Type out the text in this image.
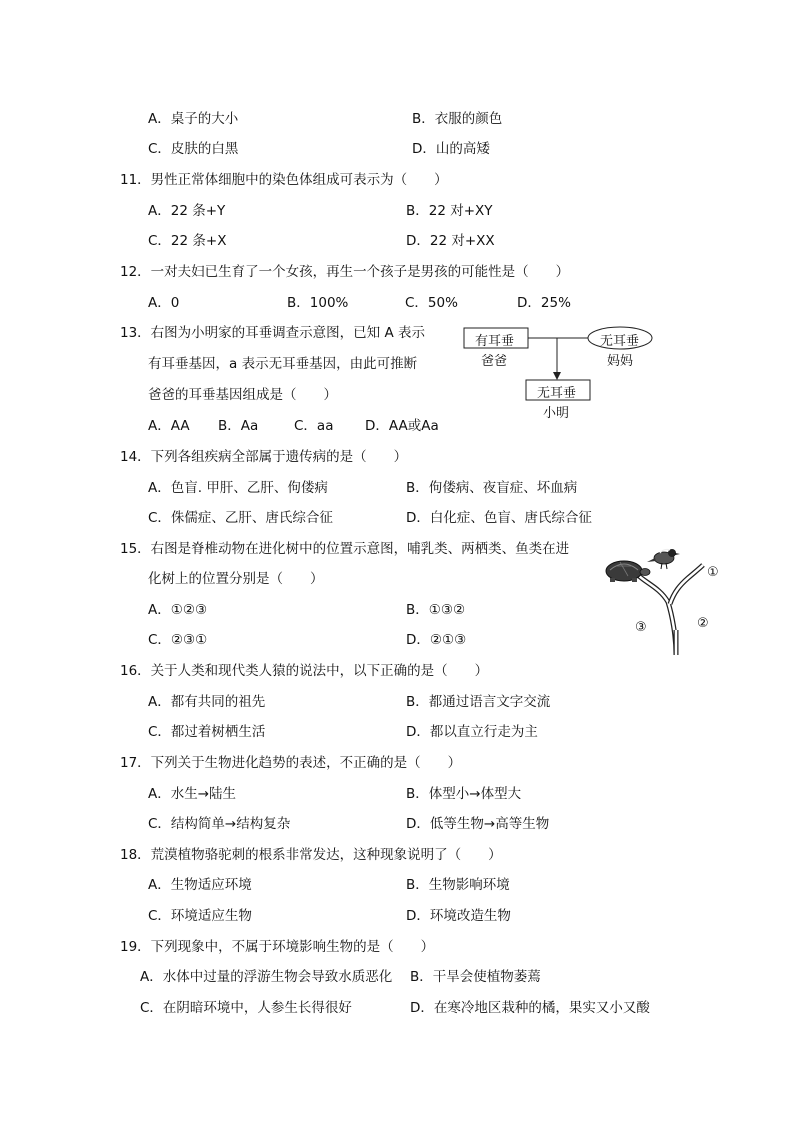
A．桌子的大小	B．衣服的颜色
C．皮肤的白黑	D．山的高矮
11．男性正常体细胞中的染色体组成可表示为（　　）
A．22 条+Y	B．22 对+XY
C．22 条+X	D．22 对+XX
12．一对夫妇已生育了一个女孩，再生一个孩子是男孩的可能性是（　　）
A．0	B．100%	C．50%	D．25%
13．右图为小明家的耳垂调查示意图，已知 A 表示
有耳垂基因，a 表示无耳垂基因，由此可推断
爸爸的耳垂基因组成是（　　）
A．AA B．Aa	C．aa D．AA或Aa
有耳垂
爸爸
无耳垂
妈妈
无耳垂
小明
14．下列各组疾病全部属于遗传病的是（　　）
A．色盲. 甲肝、乙肝、佝偻病	B．佝偻病、夜盲症、坏血病
C．侏儒症、乙肝、唐氏综合征	D．白化症、色盲、唐氏综合征
15．右图是脊椎动物在进化树中的位置示意图，哺乳类、两栖类、鱼类在进
化树上的位置分别是（　　）
A．①②③	B．①③②
C．②③①	D．②①③
①
②
③
16．关于人类和现代类人猿的说法中，以下正确的是（　　）
A．都有共同的祖先	B．都通过语言文字交流
C．都过着树栖生活	D．都以直立行走为主
17．下列关于生物进化趋势的表述，不正确的是（　　）
A．水生→陆生	B．体型小→体型大
C．结构简单→结构复杂	D．低等生物→高等生物
18．荒漠植物骆驼刺的根系非常发达，这种现象说明了（　　）
A．生物适应环境	B．生物影响环境
C．环境适应生物	D．环境改造生物
19．下列现象中，不属于环境影响生物的是（　　）
A．水体中过量的浮游生物会导致水质恶化 B．干旱会使植物萎蔫
C．在阴暗环境中，人参生长得很好	D．在寒冷地区栽种的橘，果实又小又酸
